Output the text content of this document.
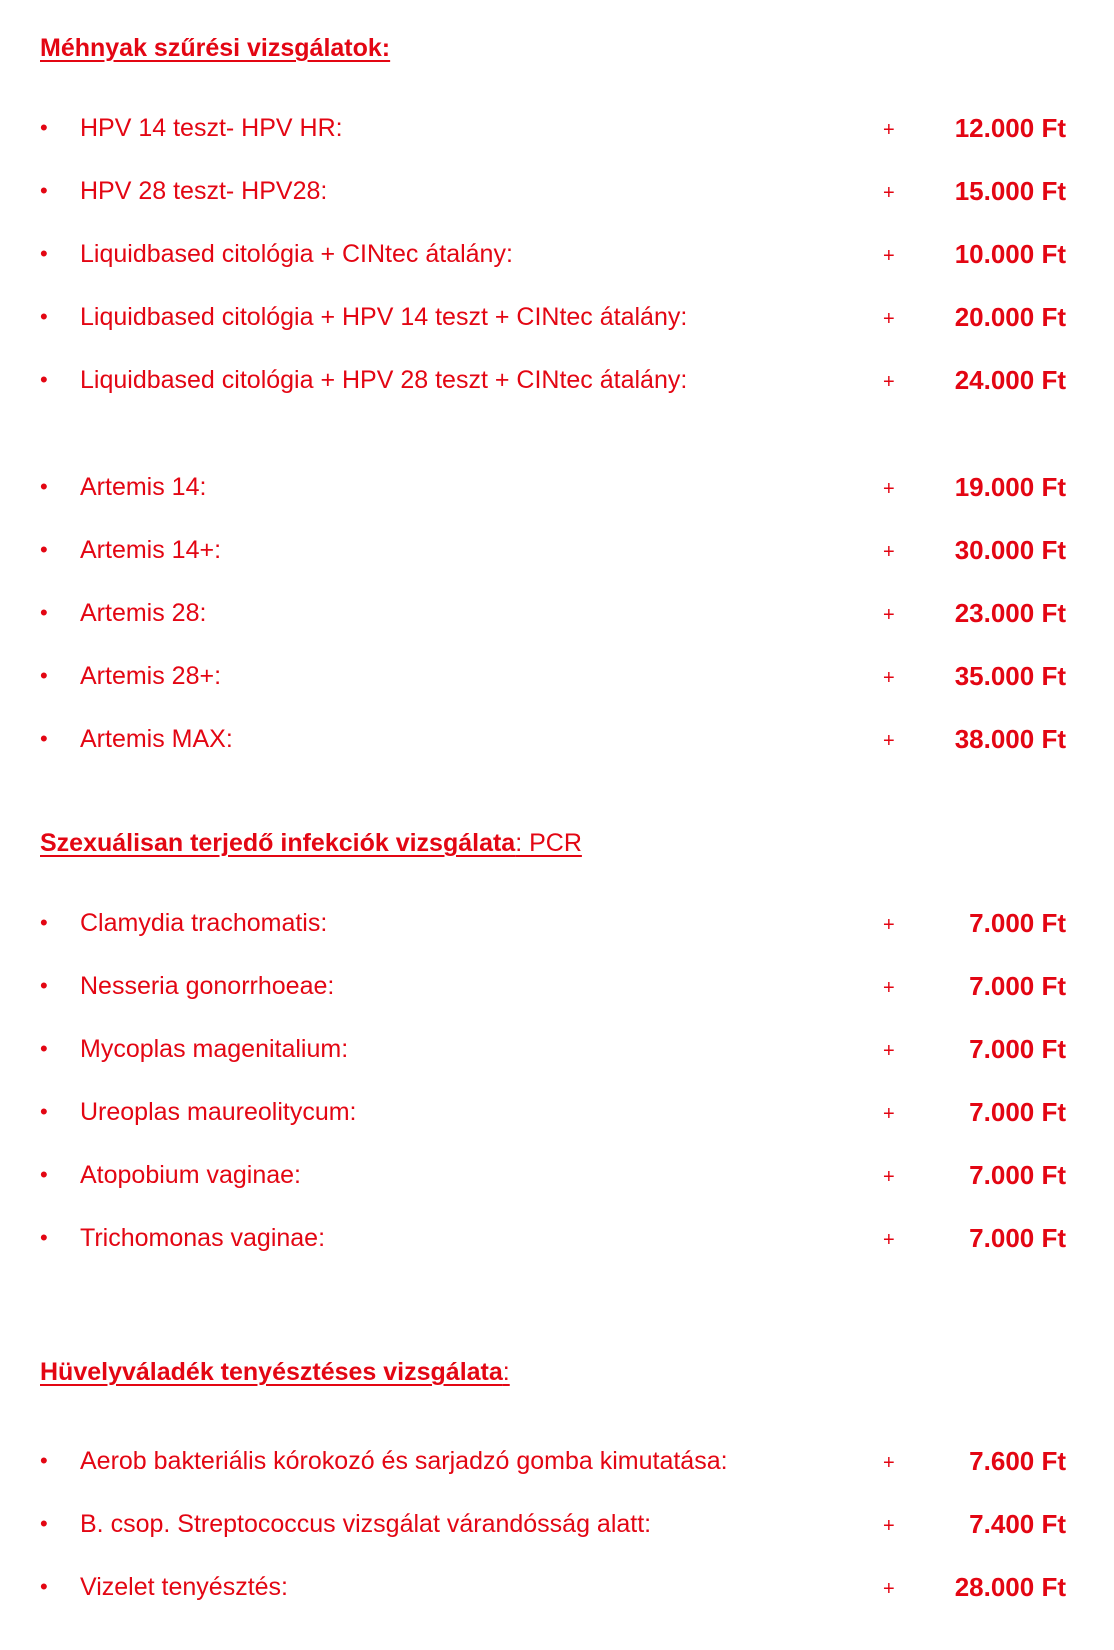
Méhnyak szűrési vizsgálatok:
• HPV 14 teszt- HPV HR:	+ 12.000 Ft
• HPV 28 teszt- HPV28:	+ 15.000 Ft
• Liquidbased citológia + CINtec átalány:	+ 10.000 Ft
• Liquidbased citológia + HPV 14 teszt + CINtec átalány:	+ 20.000 Ft
• Liquidbased citológia + HPV 28 teszt + CINtec átalány:	+ 24.000 Ft
• Artemis 14:	+ 19.000 Ft
• Artemis 14+:	+ 30.000 Ft
• Artemis 28:	+ 23.000 Ft
• Artemis 28+:	+ 35.000 Ft
• Artemis MAX:	+ 38.000 Ft
Szexuálisan terjedő infekciók vizsgálata: PCR
• Clamydia trachomatis:	+	7.000 Ft
• Nesseria gonorrhoeae:	+	7.000 Ft
• Mycoplas magenitalium:	+	7.000 Ft
• Ureoplas maureolitycum:	+	7.000 Ft
• Atopobium vaginae:	+	7.000 Ft
• Trichomonas vaginae:	+	7.000 Ft
Hüvelyváladék tenyésztéses vizsgálata:
• Aerob bakteriális kórokozó és sarjadzó gomba kimutatása:	+	7.600 Ft
• B. csop. Streptococcus vizsgálat várandósság alatt:	+	7.400 Ft
• Vizelet tenyésztés:	+ 28.000 Ft
